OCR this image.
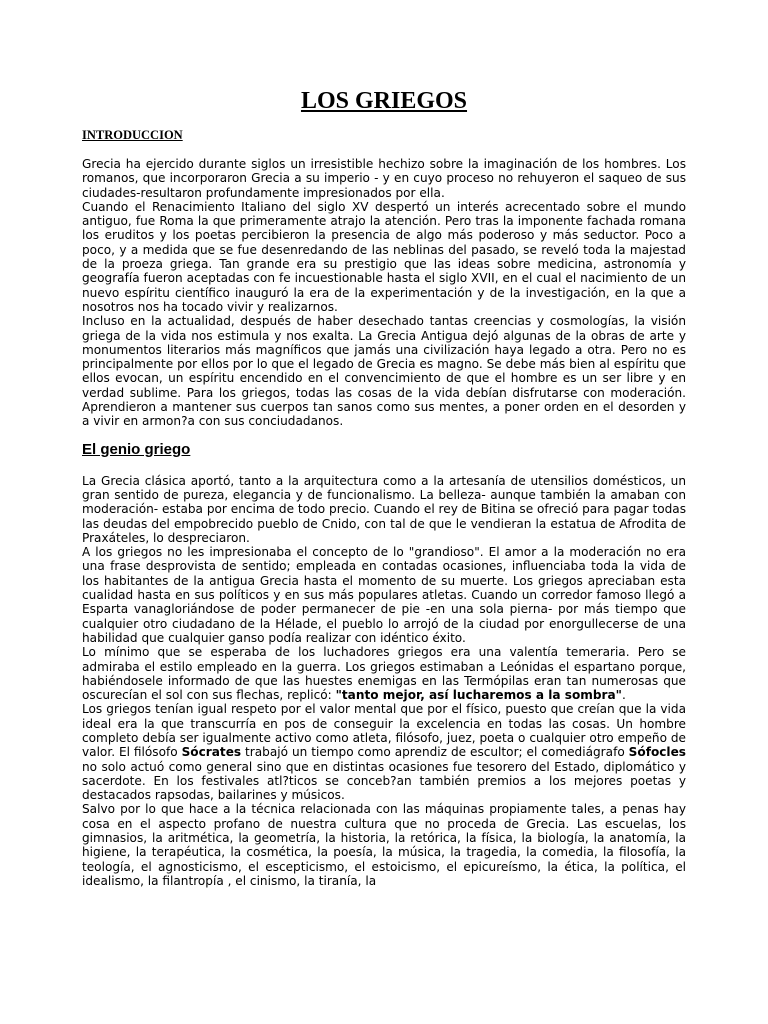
LOS GRIEGOS
INTRODUCCION

Grecia ha ejercido durante siglos un irresistible hechizo sobre la imaginación de los hombres. Los romanos, que incorporaron Grecia a su imperio - y en cuyo proceso no rehuyeron el saqueo de sus ciudades-resultaron profundamente impresionados por ella.

Cuando el Renacimiento Italiano del siglo XV despertó un interés acrecentado sobre el mundo antiguo, fue Roma la que primeramente atrajo la atención. Pero tras la imponente fachada romana los eruditos y los poetas percibieron la presencia de algo más poderoso y más seductor. Poco a poco, y a medida que se fue desenredando de las neblinas del pasado, se reveló toda la majestad de la proeza griega. Tan grande era su prestigio que las ideas sobre medicina, astronomía y geografía fueron aceptadas con fe incuestionable hasta el siglo XVII, en el cual el nacimiento de un nuevo espíritu científico inauguró la era de la experimentación y de la investigación, en la que a nosotros nos ha tocado vivir y realizarnos.

Incluso en la actualidad, después de haber desechado tantas creencias y cosmologías, la visión griega de la vida nos estimula y nos exalta. La Grecia Antigua dejó algunas de la obras de arte y monumentos literarios más magníficos que jamás una civilización haya legado a otra. Pero no es principalmente por ellos por lo que el legado de Grecia es magno. Se debe más bien al espíritu que ellos evocan, un espíritu encendido en el convencimiento de que el hombre es un ser libre y en verdad sublime. Para los griegos, todas las cosas de la vida debían disfrutarse con moderación. Aprendieron a mantener sus cuerpos tan sanos como sus mentes, a poner orden en el desorden y a vivir en armon?a con sus conciudadanos.

El genio griego

La Grecia clásica aportó, tanto a la arquitectura como a la artesanía de utensilios domésticos, un gran sentido de pureza, elegancia y de funcionalismo. La belleza- aunque también la amaban con moderación- estaba por encima de todo precio. Cuando el rey de Bitina se ofreció para pagar todas las deudas del empobrecido pueblo de Cnido, con tal de que le vendieran la estatua de Afrodita de Praxáteles, lo despreciaron.

A los griegos no les impresionaba el concepto de lo "grandioso". El amor a la moderación no era una frase desprovista de sentido; empleada en contadas ocasiones, influenciaba toda la vida de los habitantes de la antigua Grecia hasta el momento de su muerte. Los griegos apreciaban esta cualidad hasta en sus políticos y en sus más populares atletas. Cuando un corredor famoso llegó a Esparta vanagloriándose de poder permanecer de pie -en una sola pierna- por más tiempo que cualquier otro ciudadano de la Hélade, el pueblo lo arrojó de la ciudad por enorgullecerse de una habilidad que cualquier ganso podía realizar con idéntico éxito.

Lo mínimo que se esperaba de los luchadores griegos era una valentía temeraria. Pero se admiraba el estilo empleado en la guerra. Los griegos estimaban a Leónidas el espartano porque, habiéndosele informado de que las huestes enemigas en las Termópilas eran tan numerosas que oscurecían el sol con sus flechas, replicó: "tanto mejor, así lucharemos a la sombra".

Los griegos tenían igual respeto por el valor mental que por el físico, puesto que creían que la vida ideal era la que transcurría en pos de conseguir la excelencia en todas las cosas. Un hombre completo debía ser igualmente activo como atleta, filósofo, juez, poeta o cualquier otro empeño de valor. El filósofo Sócrates trabajó un tiempo como aprendiz de escultor; el comediágrafo Sófocles no solo actuó como general sino que en distintas ocasiones fue tesorero del Estado, diplomático y sacerdote. En los festivales atl?ticos se conceb?an también premios a los mejores poetas y destacados rapsodas, bailarines y músicos.

Salvo por lo que hace a la técnica relacionada con las máquinas propiamente tales, a penas hay cosa en el aspecto profano de nuestra cultura que no proceda de Grecia. Las escuelas, los gimnasios, la aritmética, la geometría, la historia, la retórica, la física, la biología, la anatomía, la higiene, la terapéutica, la cosmética, la poesía, la música, la tragedia, la comedia, la filosofía, la teología, el agnosticismo, el escepticismo, el estoicismo, el epicureísmo, la ética, la política, el idealismo, la filantropía , el cinismo, la tiranía, la
